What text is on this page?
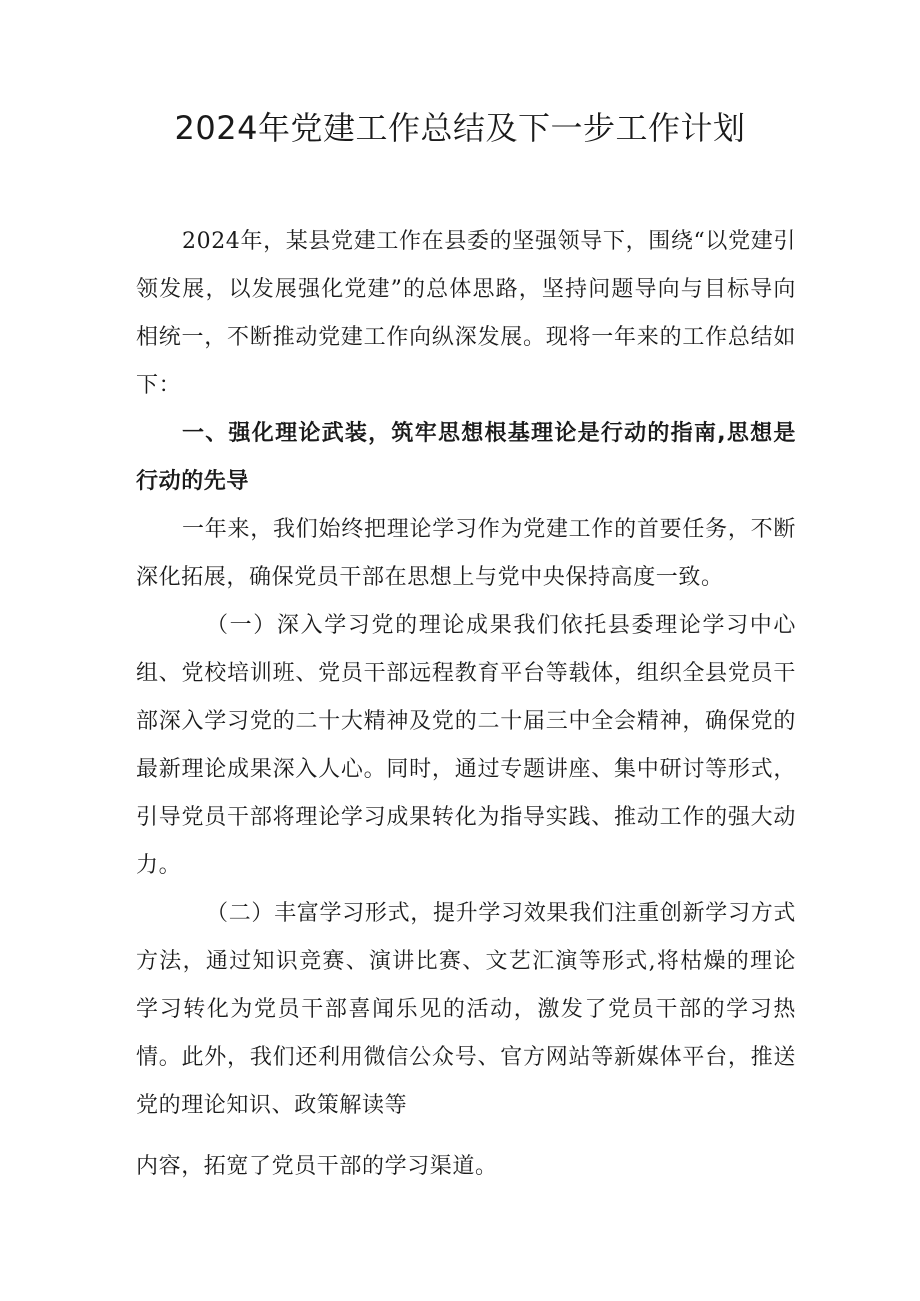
2024年党建工作总结及下一步工作计划

2024年，某县党建工作在县委的坚强领导下，围绕“以党建引领发展，以发展强化党建”的总体思路，坚持问题导向与目标导向相统一，不断推动党建工作向纵深发展。现将一年来的工作总结如下：

一、强化理论武装，筑牢思想根基理论是行动的指南,思想是行动的先导

一年来，我们始终把理论学习作为党建工作的首要任务，不断深化拓展，确保党员干部在思想上与党中央保持高度一致。

（一）深入学习党的理论成果我们依托县委理论学习中心组、党校培训班、党员干部远程教育平台等载体，组织全县党员干部深入学习党的二十大精神及党的二十届三中全会精神，确保党的最新理论成果深入人心。同时，通过专题讲座、集中研讨等形式，引导党员干部将理论学习成果转化为指导实践、推动工作的强大动力。

（二）丰富学习形式，提升学习效果我们注重创新学习方式方法，通过知识竞赛、演讲比赛、文艺汇演等形式,将枯燥的理论学习转化为党员干部喜闻乐见的活动，激发了党员干部的学习热情。此外，我们还利用微信公众号、官方网站等新媒体平台，推送党的理论知识、政策解读等

内容，拓宽了党员干部的学习渠道。
